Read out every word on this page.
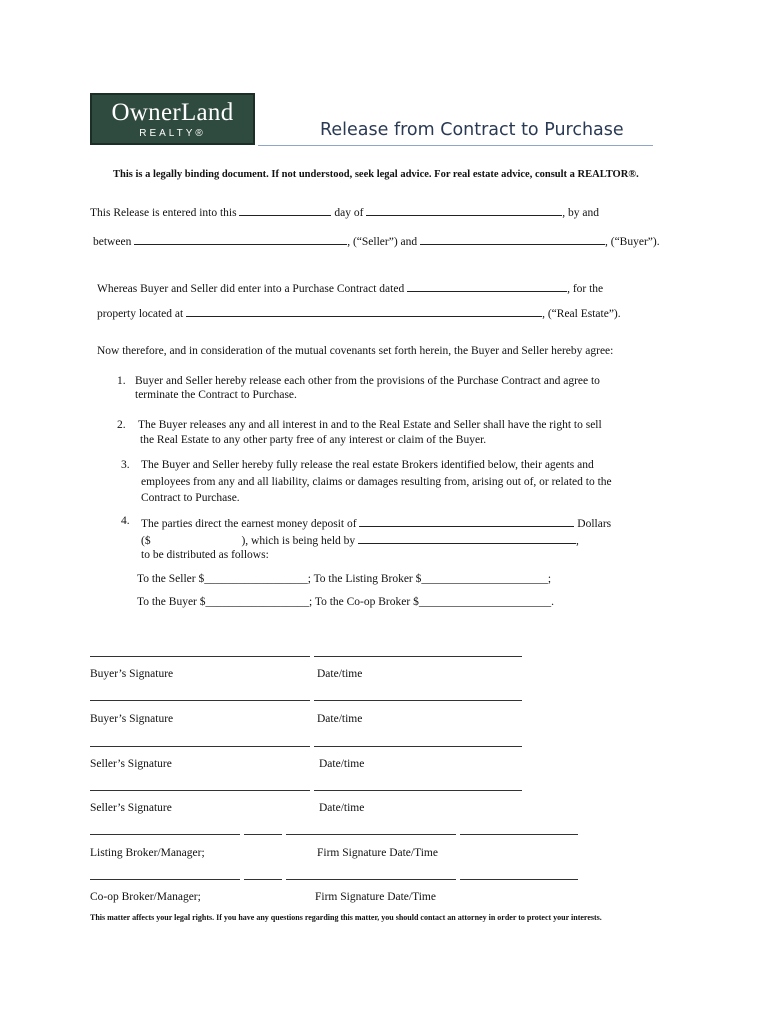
OwnerLand
REALTY®	Release from Contract to Purchase
This is a legally binding document. If not understood, seek legal advice. For real estate advice, consult a REALTOR®.
This Release is entered into this	day of	, by and
between	, (“Seller”) and	, (“Buyer”).
Whereas Buyer and Seller did enter into a Purchase Contract dated	, for the
property located at	, (“Real Estate”).
Now therefore, and in consideration of the mutual covenants set forth herein, the Buyer and Seller hereby agree:
1. Buyer and Seller hereby release each other from the provisions of the Purchase Contract and agree to
terminate the Contract to Purchase.
2. The Buyer releases any and all interest in and to the Real Estate and Seller shall have the right to sell
the Real Estate to any other party free of any interest or claim of the Buyer.
3. The Buyer and Seller hereby fully release the real estate Brokers identified below, their agents and
employees from any and all liability, claims or damages resulting from, arising out of, or related to the
Contract to Purchase.
4. The parties direct the earnest money deposit of	Dollars
($	), which is being held by	,
to be distributed as follows:
To the Seller $__________________; To the Listing Broker $______________________;
To the Buyer $__________________; To the Co-op Broker $_______________________.
Buyer’s Signature	Date/time
Buyer’s Signature	Date/time
Seller’s Signature	Date/time
Seller’s Signature	Date/time
Listing Broker/Manager;	Firm Signature Date/Time
Co-op Broker/Manager;	Firm Signature Date/Time
This matter affects your legal rights. If you have any questions regarding this matter, you should contact an attorney in order to protect your interests.
